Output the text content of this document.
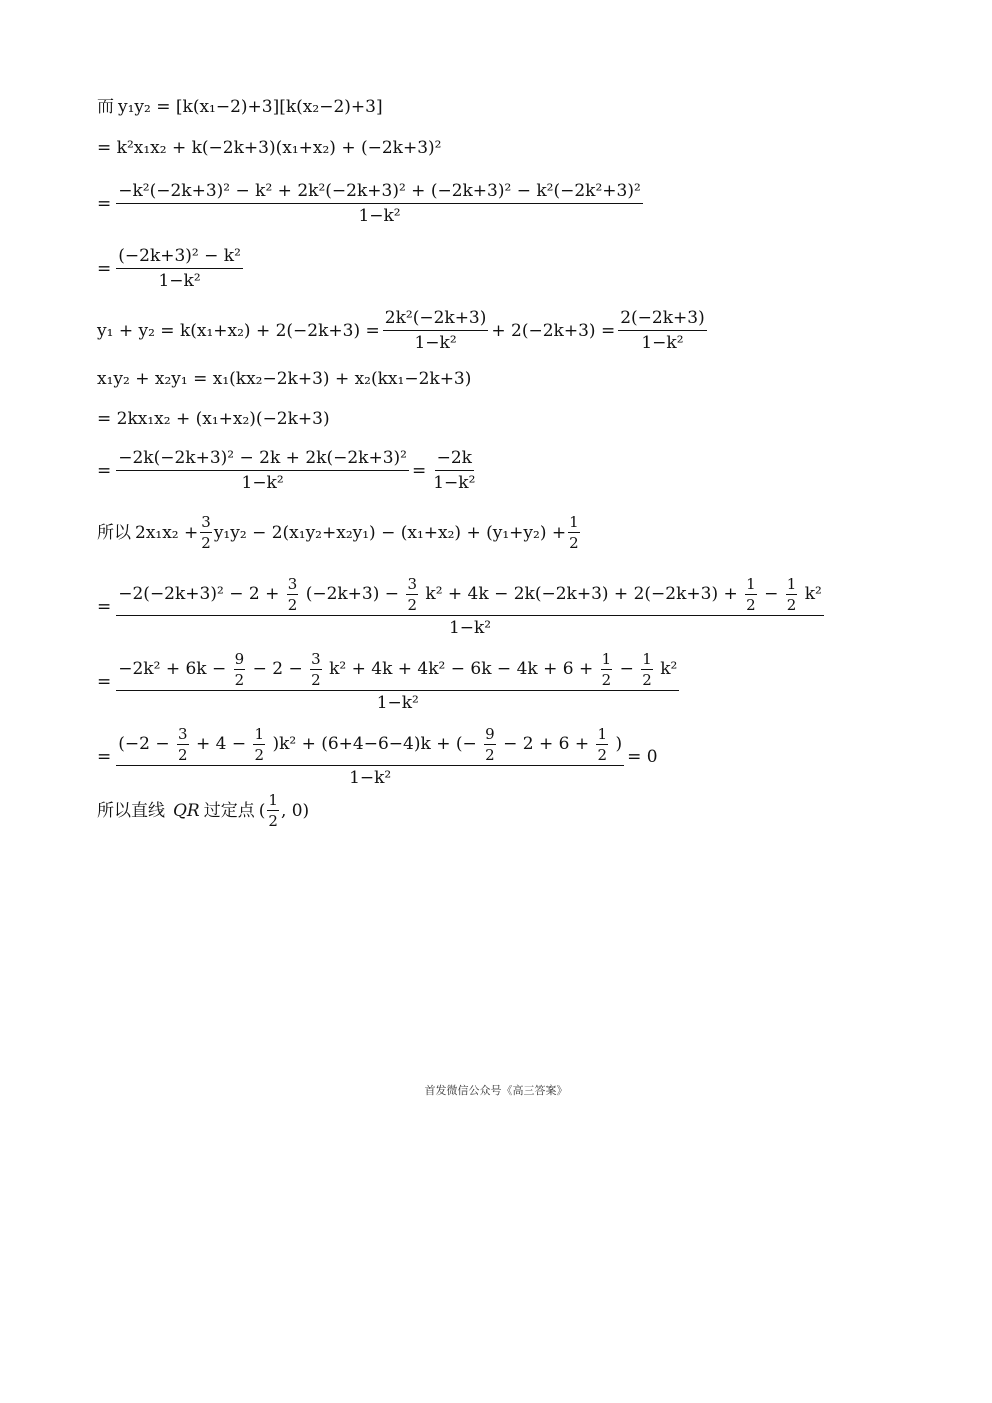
而 y₁y₂ = [k(x₁−2)+3][k(x₂−2)+3]
= k²x₁x₂ + k(−2k+3)(x₁+x₂) + (−2k+3)²
= $\frac{\text{−k²(−2k+3)² − k² + 2k²(−2k+3)² + (−2k+3)² − k²(−2k²+3)²}}{\text{1−k²}}$
= $\frac{\text{(−2k+3)² − k²}}{\text{1−k²}}$
$y_1 + y_2 = k(x_1+x_2) + 2(-2k+3) = \frac{\text{2k²(−2k+3)}}{\text{1−k²}} + 2(-2k+3) = \frac{2(-2k+3)}{\text{1−k²}}$
x₁y₂ + x₂y₁ = x₁(kx₂−2k+3) + x₂(kx₁−2k+3)
= 2kx₁x₂ + (x₁+x₂)(−2k+3)
= $\frac{\text{−2k(−2k+3)² − 2k + 2k(−2k+3)²}}{\text{1−k²}} = \frac{-2k}{\text{1−k²}}$
所以 $2x_1x_2 + \frac{3}{2} y_1y_2 - 2(x_1y_2+x_2y_1) - (x_1+x_2) + (y_1+y_2) + \frac{1}{2}$
=
$-2(-2k+3)^2 - 2 + \frac{3}{2} (-2k+3) - \frac{3}{2} k^2 + 4k - 2k(-2k+3) + 2(-2k+3) + \frac{1}{2} - \frac{1}{2} k^2$
1−k²
=
$-2k^2 + 6k - \frac{9}{2} - 2 - \frac{3}{2} k^2 + 4k + 4k^2 - 6k - 4k + 6 + \frac{1}{2} - \frac{1}{2} k^2$
1−k²
=
$(-2 - \frac{3}{2} + 4 - \frac{1}{2} )k^2 + (6+4-6-4)k$ + (− $\frac{9}{2} - 2 + 6 + \frac{1}{2}$ )
1−k²
= 0
所以直线 QR 过定点 ( $\frac{1}{2}$ , 0)
首发微信公众号《高三答案》
